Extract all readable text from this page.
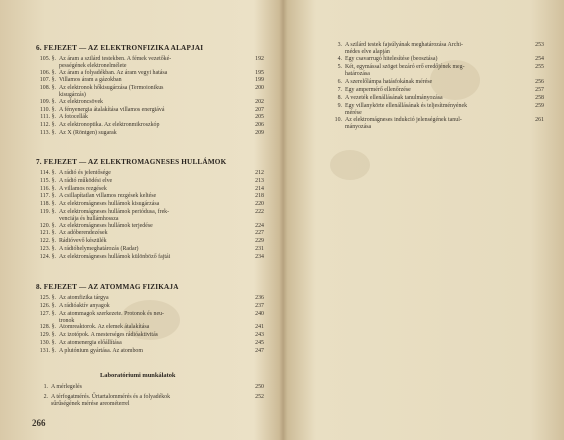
6. FEJEZET — AZ ELEKTRONFIZIKA ALAPJAI
105. §. Az áram a szilárd testekben. A fémek vezetőké-
pességének elektronelmélete
192
106. §. Az áram a folyadékban. Az áram vegyi hatása	195
107. §. Villamos áram a gázokban	199
108. §. Az elektronok hőkisugárzása (Termoionikus
kisugárzás)
200
109. §. Az elektroncsövek	202
110. §. A fényenergia átalakítása villamos energiává	207
111. §. A fotocellák	205
112. §. Az elektronoptika. Az elektronmikroszkóp	206
113. §. Az X (Röntgen) sugarak	209
7. FEJEZET — AZ ELEKTROMAGNESES HULLÁMOK
114. §. A rádió és jelentősége	212
115. §. A rádió működési elve	213
116. §. A villamos rezgések	214
117. §. A csillapítatlan villamos rezgések keltése	218
118. §. Az elektromágneses hullámok kisugárzása	220
119. §. Az elektromágneses hullámok periódusa, frek-
venciája és hullámhossza
222
120. §. Az elektromágneses hullámok terjedése	224
121. §. Az adóberendezések	227
122. §. Rádióvevő készülék	229
123. §. A rádióhelymeghatározás (Radar)	231
124. §. Az elektromágneses hullámok különböző fajtái	234
8. FEJEZET — AZ ATOMMAG FIZIKAJA
125. §. Az atomfizika tárgya	236
126. §. A rádióaktív anyagok	237
127. §. Az atommagok szerkezete. Protonok és neu-
tronok
240
128. §. Atomreaktorok. Az elemek átalakítása	241
129. §. Az izotópok. A mesterséges rádióaktivitás	243
130. §. Az atomenergia előállítása	245
131. §. A plutónium gyártása. Az atombom	247
Laboratóriumi munkálatok
1. A mérlegelés	250
2. A térfogatmérés. Űrtartalommérés és a folyadékok
sűrűségének mérése areométerrel
252
266
3. A szilárd testek fajsúlyának meghatározása Archi-
médes elve alapján
253
4. Egy csavarrugó hitelesítése (beosztása)	254
5. Két, egymással szöget bezáró erő eredőjének meg-
határozása
255
6. A szerelőlámpa hatásfokának mérése	256
7. Egy ampermérő ellenőrzése	257
8. A vezeték ellenállásának tanulmányozása	258
9. Egy villanykörte ellenállásának és teljesítményének
mérése
259
10. Az elektromágneses indukció jelenségének tanul-
mányozása
261
